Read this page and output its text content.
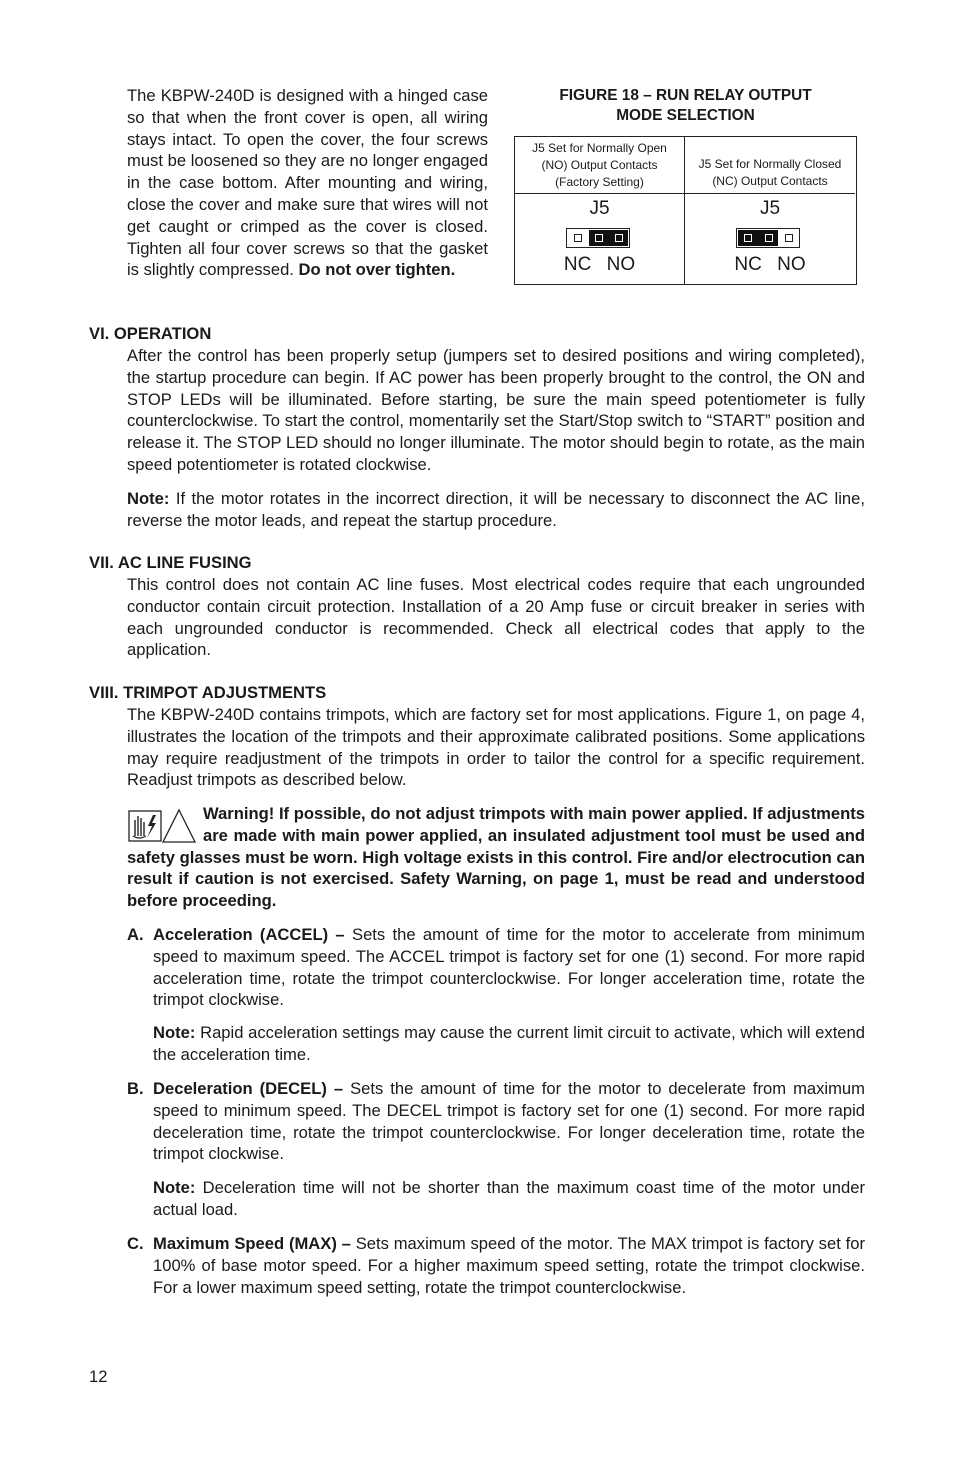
The KBPW-240D is designed with a hinged case so that when the front cover is open, all wiring stays intact. To open the cover, the four screws must be loosened so they are no longer engaged in the case bottom. After mounting and wiring, close the cover and make sure that wires will not get caught or crimped as the cover is closed. Tighten all four cover screws so that the gasket is slightly compressed. Do not over tighten.
FIGURE 18 – RUN RELAY OUTPUT
MODE SELECTION
J5 Set for Normally Open
(NO) Output Contacts
(Factory Setting)
J5 Set for Normally Closed
(NC) Output Contacts
J5
NC NO
J5
NC NO
VI. OPERATION
After the control has been properly setup (jumpers set to desired positions and wiring completed), the startup procedure can begin. If AC power has been properly brought to the control, the ON and STOP LEDs will be illuminated. Before starting, be sure the main speed potentiometer is fully counterclockwise. To start the control, momentarily set the Start/Stop switch to “START” position and release it. The STOP LED should no longer illuminate. The motor should begin to rotate, as the main speed potentiometer is rotated clockwise.
Note: If the motor rotates in the incorrect direction, it will be necessary to disconnect the AC line, reverse the motor leads, and repeat the startup procedure.
VII. AC LINE FUSING
This control does not contain AC line fuses. Most electrical codes require that each ungrounded conductor contain circuit protection. Installation of a 20 Amp fuse or circuit breaker in series with each ungrounded conductor is recommended. Check all electrical codes that apply to the application.
VIII. TRIMPOT ADJUSTMENTS
The KBPW-240D contains trimpots, which are factory set for most applications. Figure 1, on page 4, illustrates the location of the trimpots and their approximate calibrated positions. Some applications may require readjustment of the trimpots in order to tailor the control for a specific requirement. Readjust trimpots as described below.
Warning! If possible, do not adjust trimpots with main power applied. If adjustments are made with main power applied, an insulated adjustment tool must be used and safety glasses must be worn. High voltage exists in this control. Fire and/or electrocution can result if caution is not exercised. Safety Warning, on page 1, must be read and understood before proceeding.
A. Acceleration (ACCEL) – Sets the amount of time for the motor to accelerate from minimum speed to maximum speed. The ACCEL trimpot is factory set for one (1) second. For more rapid acceleration time, rotate the trimpot counterclockwise. For longer acceleration time, rotate the trimpot clockwise.
Note: Rapid acceleration settings may cause the current limit circuit to activate, which will extend the acceleration time.
B. Deceleration (DECEL) – Sets the amount of time for the motor to decelerate from maximum speed to minimum speed. The DECEL trimpot is factory set for one (1) second. For more rapid deceleration time, rotate the trimpot counterclockwise. For longer deceleration time, rotate the trimpot clockwise.
Note: Deceleration time will not be shorter than the maximum coast time of the motor under actual load.
C. Maximum Speed (MAX) – Sets maximum speed of the motor. The MAX trimpot is factory set for 100% of base motor speed. For a higher maximum speed setting, rotate the trimpot clockwise. For a lower maximum speed setting, rotate the trimpot counterclockwise.
12
